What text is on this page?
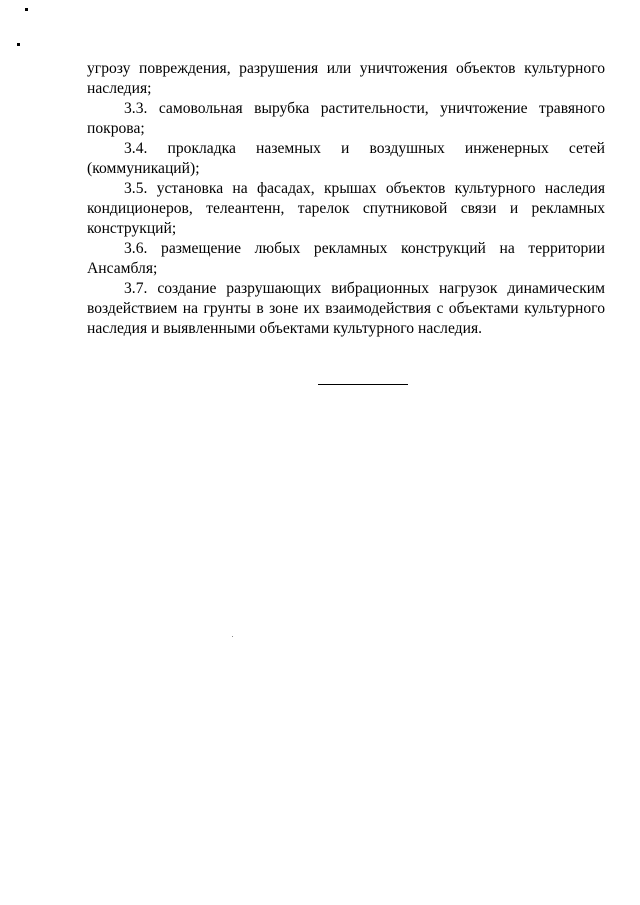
угрозу повреждения, разрушения или уничтожения объектов культурного наследия;

3.3. самовольная вырубка растительности, уничтожение травяного покрова;

3.4. прокладка наземных и воздушных инженерных сетей (коммуникаций);

3.5. установка на фасадах, крышах объектов культурного наследия кондиционеров, телеантенн, тарелок спутниковой связи и рекламных конструкций;

3.6. размещение любых рекламных конструкций на территории Ансамбля;

3.7. создание разрушающих вибрационных нагрузок динамическим воздействием на грунты в зоне их взаимодействия с объектами культурного наследия и выявленными объектами культурного наследия.
